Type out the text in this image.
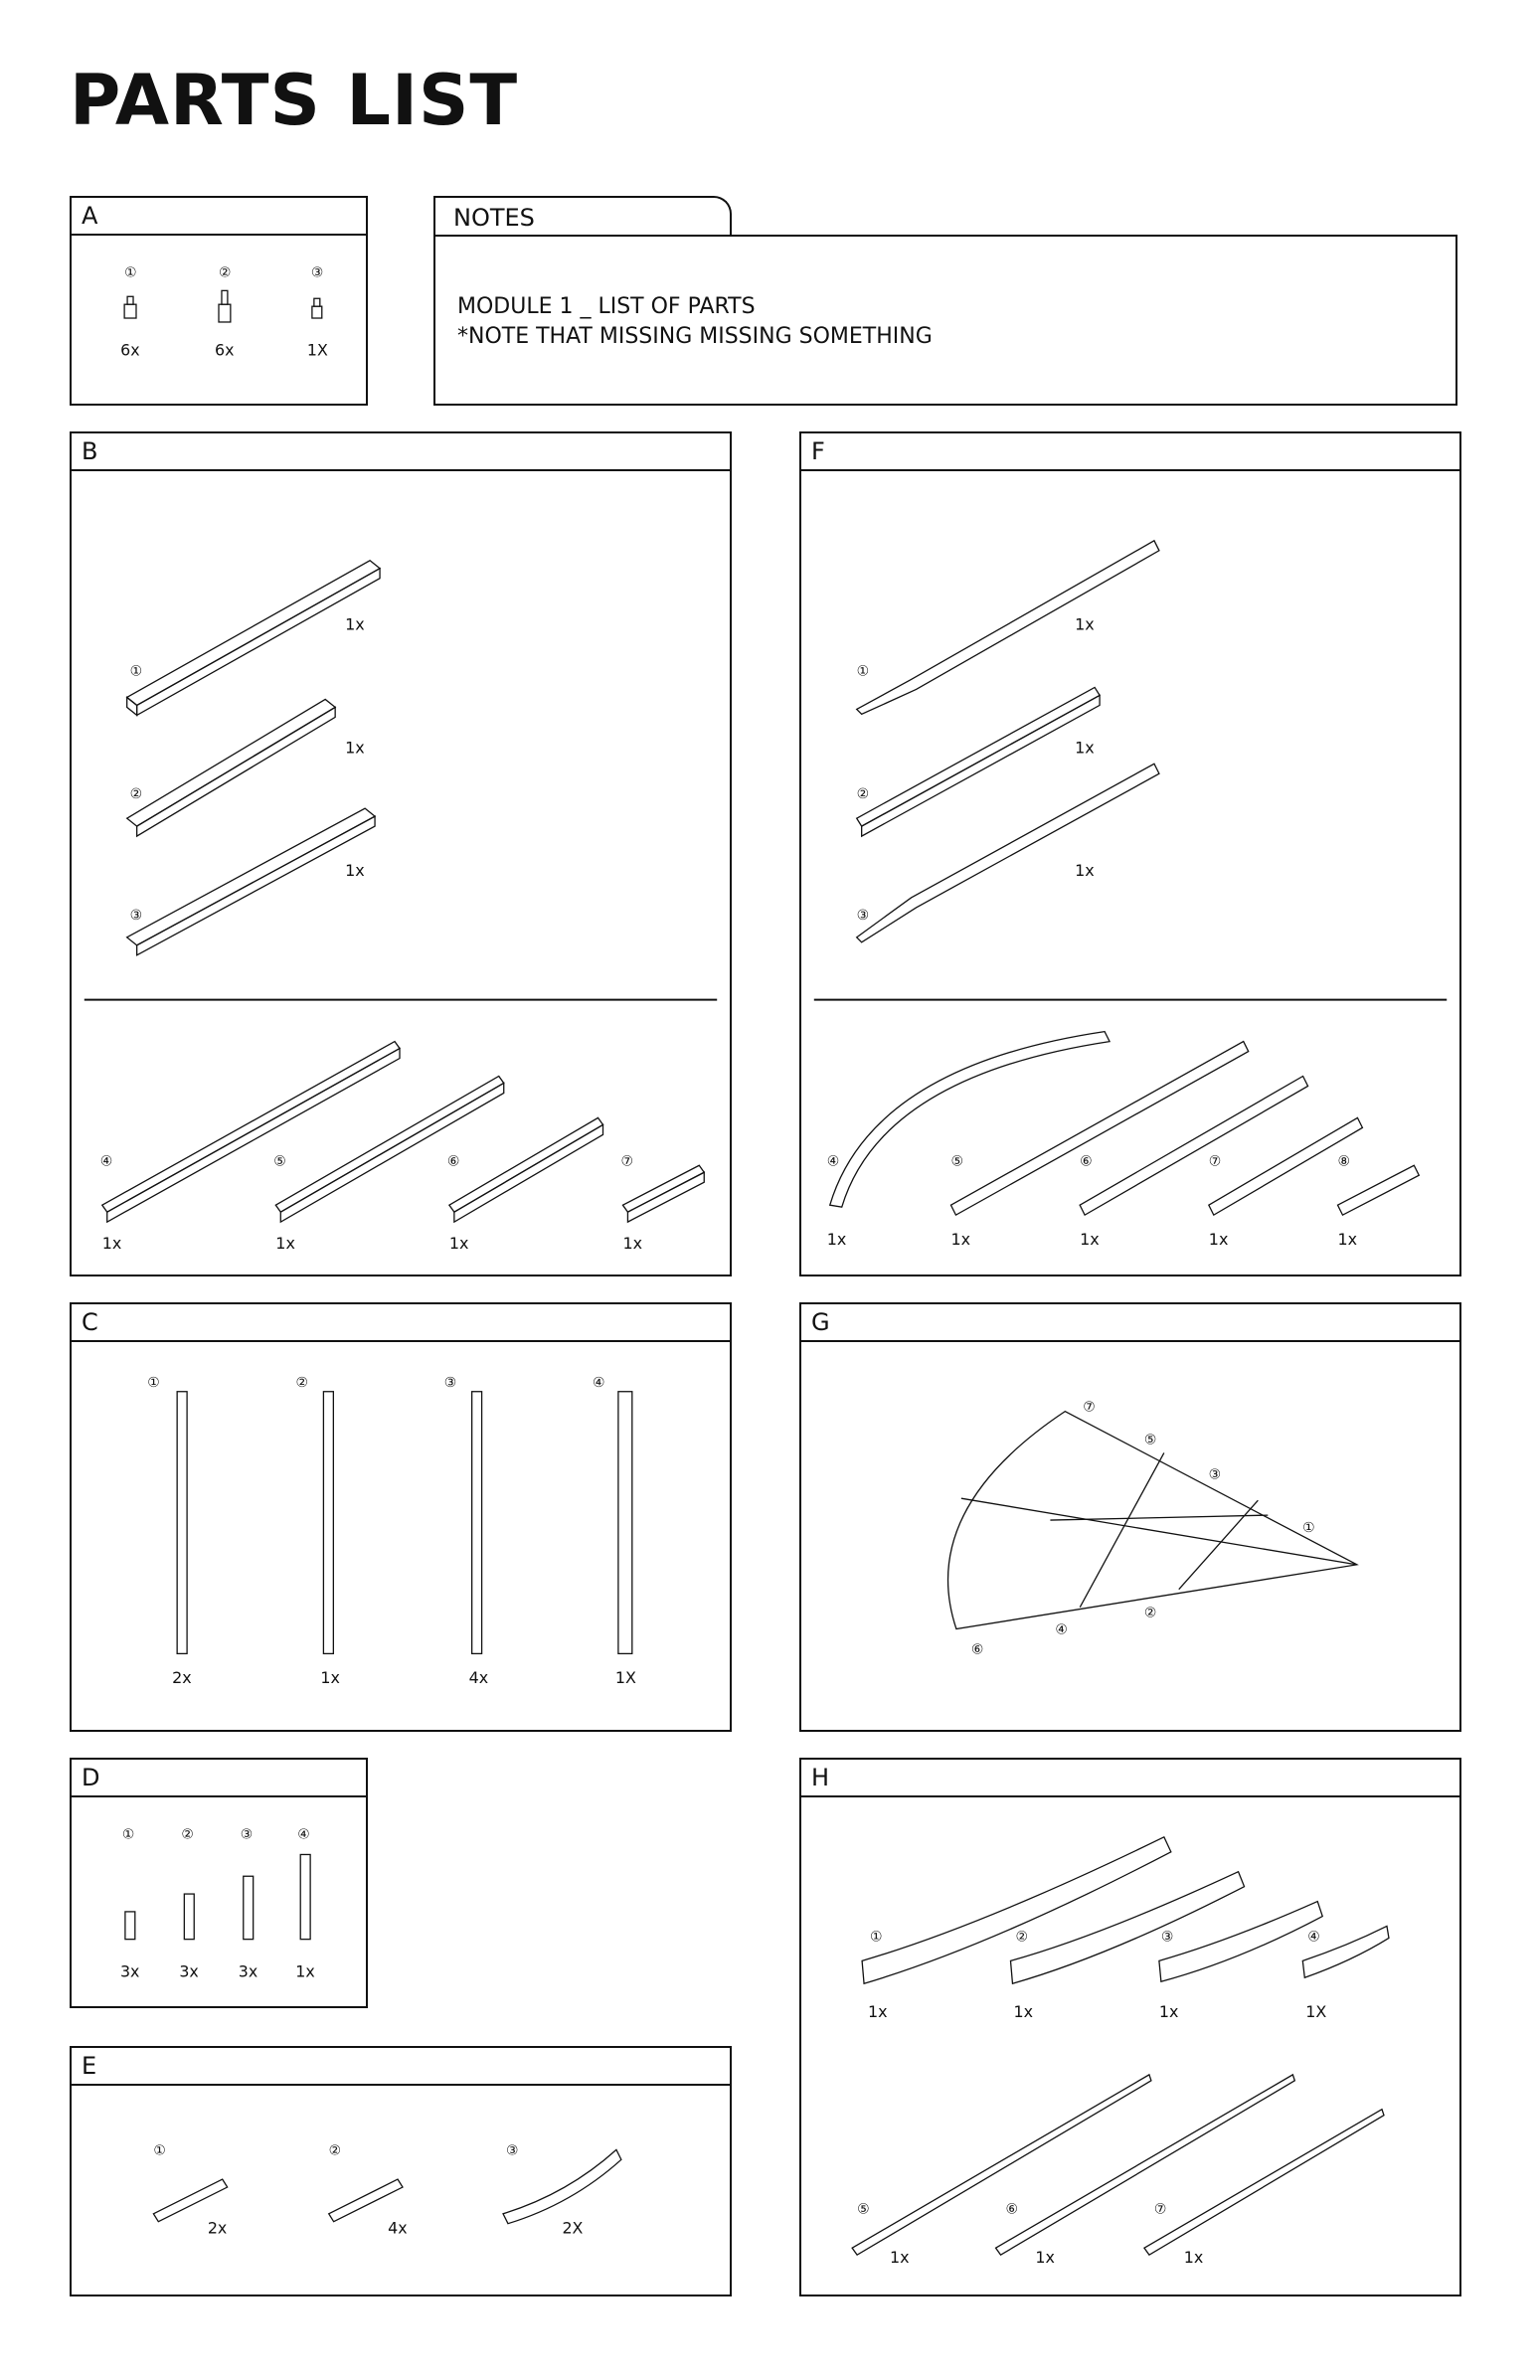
PARTS LIST
A
①	②	③
6x	6x	1X
NOTES
MODULE 1 _ LIST OF PARTS
*NOTE THAT MISSING MISSING SOMETHING
B
①
②
③
1x
1x
1x
④	⑤	⑥	⑦
1x	1x	1x	1x
F
①
②
③
1x
1x
1x
④	⑤	⑥	⑦	⑧
1x	1x	1x	1x	1x
C
①	②	③	④
2x	1x	4x	1X
G
⑦
⑤
③
①
②
④
⑥
D
①	②	③	④
3x 3x 3x 1x
E
①	②	③
2x	4x	2X
H
①	②	③	④
1x	1x	1x	1X
⑤	⑥	⑦
1x	1x	1x
